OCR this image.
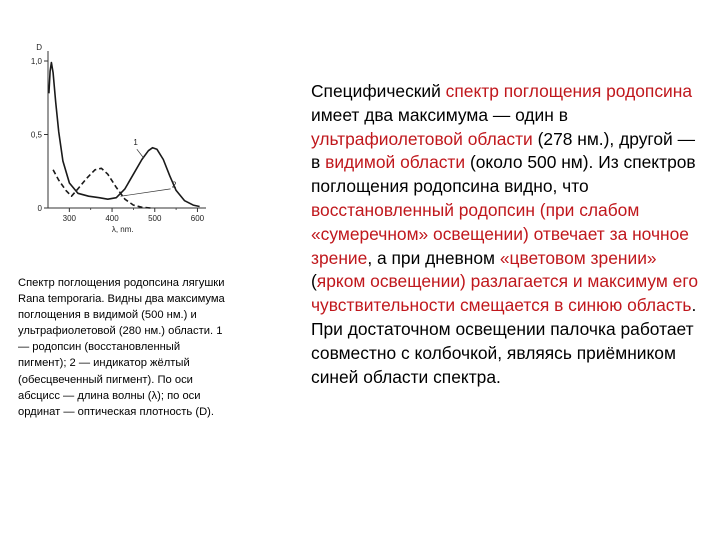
300	400	500	600
0
0,5
1,0
D
λ, nm.
1
2
Спектр поглощения родопсина лягушки Rana temporaria. Видны два максимума поглощения в видимой (500 нм.) и ультрафиолетовой (280 нм.) области. 1 — родопсин (восстановленный пигмент); 2 — индикатор жёлтый (обесцвеченный пигмент). По оси абсцисс — длина волны (λ); по оси ординат — оптическая плотность (D).
Специфический спектр поглощения родопсина имеет два максимума — один в ультрафиолетовой области (278 нм.), другой — в видимой области (около 500 нм). Из спектров поглощения родопсина видно, что восстановленный родопсин (при слабом «сумеречном» освещении) отвечает за ночное зрение, а при дневном «цветовом зрении» (ярком освещении) разлагается и максимум его чувствительности смещается в синюю область.
При достаточном освещении палочка работает совместно с колбочкой, являясь приёмником синей области спектра.
